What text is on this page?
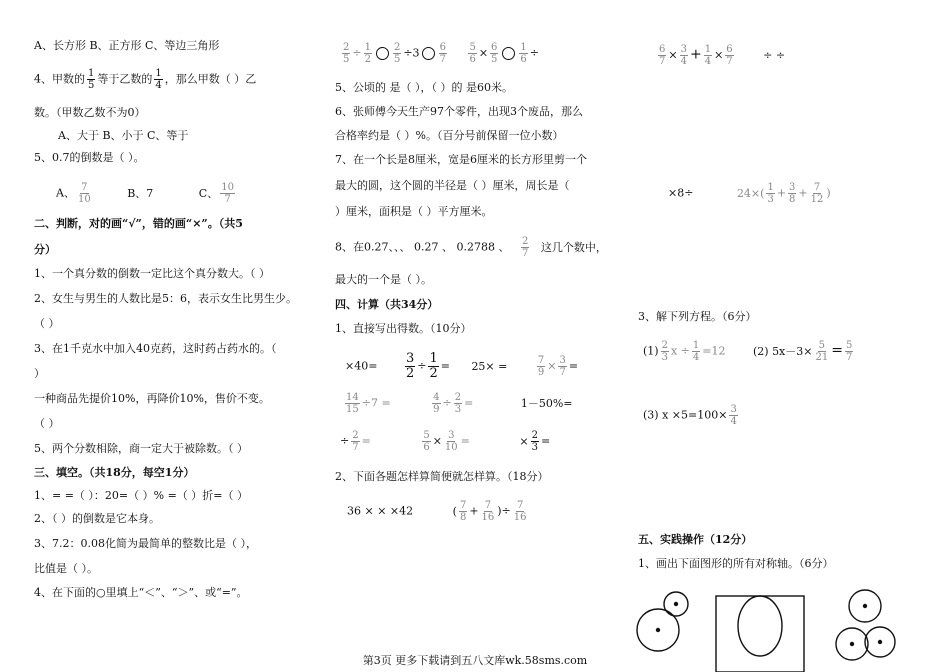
A、长方形 B、正方形 C、等边三角形
4、甲数的 $\frac{1}{5}$ 等于乙数的 $\frac{1}{4}$ ，那么甲数（ ）乙
数。（甲数乙数不为0）
A、大于 B、小于 C、等于
5、0.7的倒数是（ ）。
A、 $\frac{7}{10}$	B、7	C、 $\frac{10}{7}$
二、判断，对的画“√”，错的画“×”。（共5
分）
1、一个真分数的倒数一定比这个真分数大。（ ）
2、女生与男生的人数比是5：6，表示女生比男生少。
（ ）
3、在1千克水中加入40克药，这时药占药水的。（
）
一种商品先提价10%，再降价10%，售价不变。
（ ）
5、两个分数相除，商一定大于被除数。（ ）
三、填空。（共18分，每空1分）
1、= =（ ）：20=（ ）% =（ ）折=（ ）
2、（ ）的倒数是它本身。
3、7.2：0.08化简为最简单的整数比是（ ），
比值是（ ）。
4、在下面的○里填上“＜”、“＞”、或“=”。
$\frac{2}{5} \div \frac{1}{2} \frac{2}{5} \div 3 \frac{6}{7}$
$\frac{5}{6} \times \frac{6}{5} \frac{1}{6}$ ÷
5、公顷的 是（ ），（ ）的 是60米。
6、张师傅今天生产97个零件，出现3个废品，那么
合格率约是（ ）%。（百分号前保留一位小数）
7、在一个长是8厘米，宽是6厘米的长方形里剪一个
最大的圆，这个圆的半径是（ ）厘米，周长是（
）厘米，面积是（ ）平方厘米。
8、在0.27、、、 0.27 、 0.2788 、 $\frac{2}{7}$ 这几个数中，
最大的一个是（ ）。
四、计算（共34分）
1、直接写出得数。（10分）
$\times 40= \frac{3}{2} \div \frac{1}{2} = 25\times$ =	$\frac{7}{9} \times \frac{3}{7}$ =
$\frac{14}{15} \div 7$ =	$\frac{4}{9} \div \frac{2}{3}$ =	1－50%=
÷ $\frac{2}{7}$ =	$\frac{5}{6} \times \frac{3}{10}$ =	× $\frac{2}{3}$ =
2、下面各题怎样算简便就怎样算。（18分）
36 × × ×42	( $\frac{7}{8} + \frac{7}{16}$ )÷ $\frac{7}{16}$
$\frac{6}{7} \times \frac{3}{4} + \frac{1}{4} \times \frac{6}{7}$	÷ ÷
×8÷	$24\times( \frac{1}{3} + \frac{3}{8} + \frac{7}{12}$ )
3、解下列方程。（6分）
$(1) \frac{2}{3}$ $x \div \frac{1}{4} =12$	(2) $5x-3\times \frac{5}{21} = \frac{5}{7}$
(3) $x \times 5=100\times \frac{3}{4}$
五、实践操作（12分）
1、画出下面图形的所有对称轴。（6分）
第3页 更多下载请到五八文库wk.58sms.com
